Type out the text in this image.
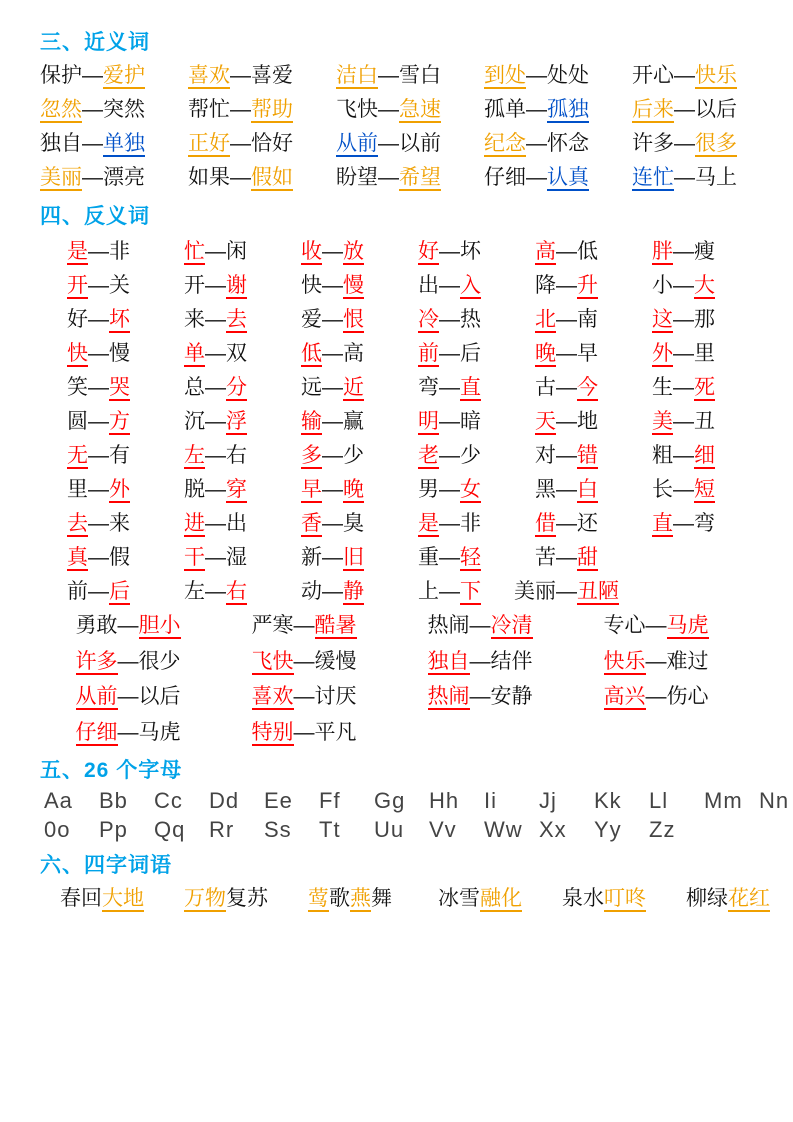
三、近义词
保护—爱护	喜欢—喜爱	洁白—雪白	到处—处处	开心—快乐
忽然—突然	帮忙—帮助	飞快—急速	孤单—孤独	后来—以后
独自—单独	正好—恰好	从前—以前	纪念—怀念	许多—很多
美丽—漂亮	如果—假如	盼望—希望	仔细—认真	连忙—马上
四、反义词
是—非	忙—闲	收—放	好—坏	高—低	胖—瘦
开—关	开—谢	快—慢	出—入	降—升	小—大
好—坏	来—去	爱—恨	冷—热	北—南	这—那
快—慢	单—双	低—高	前—后	晚—早	外—里
笑—哭	总—分	远—近	弯—直	古—今	生—死
圆—方	沉—浮	输—赢	明—暗	天—地	美—丑
无—有	左—右	多—少	老—少	对—错	粗—细
里—外	脱—穿	早—晚	男—女	黑—白	长—短
去—来	进—出	香—臭	是—非	借—还	直—弯
真—假	干—湿	新—旧	重—轻	苦—甜
前—后	左—右	动—静	上—下	美丽—丑陋
勇敢—胆小	严寒—酷暑	热闹—冷清	专心—马虎
许多—很少	飞快—缓慢	独自—结伴	快乐—难过
从前—以后	喜欢—讨厌	热闹—安静	高兴—伤心
仔细—马虎	特别—平凡
五、26 个字母
Aa	Bb	Cc	Dd	Ee	Ff	Gg	Hh	Ii	Jj	Kk	Ll	Mm Nn
0o	Pp	Qq	Rr	Ss	Tt	Uu	Vv	Ww Xx	Yy	Zz
六、四字词语
春回大地	万物复苏	莺歌燕舞	冰雪融化	泉水叮咚	柳绿花红
